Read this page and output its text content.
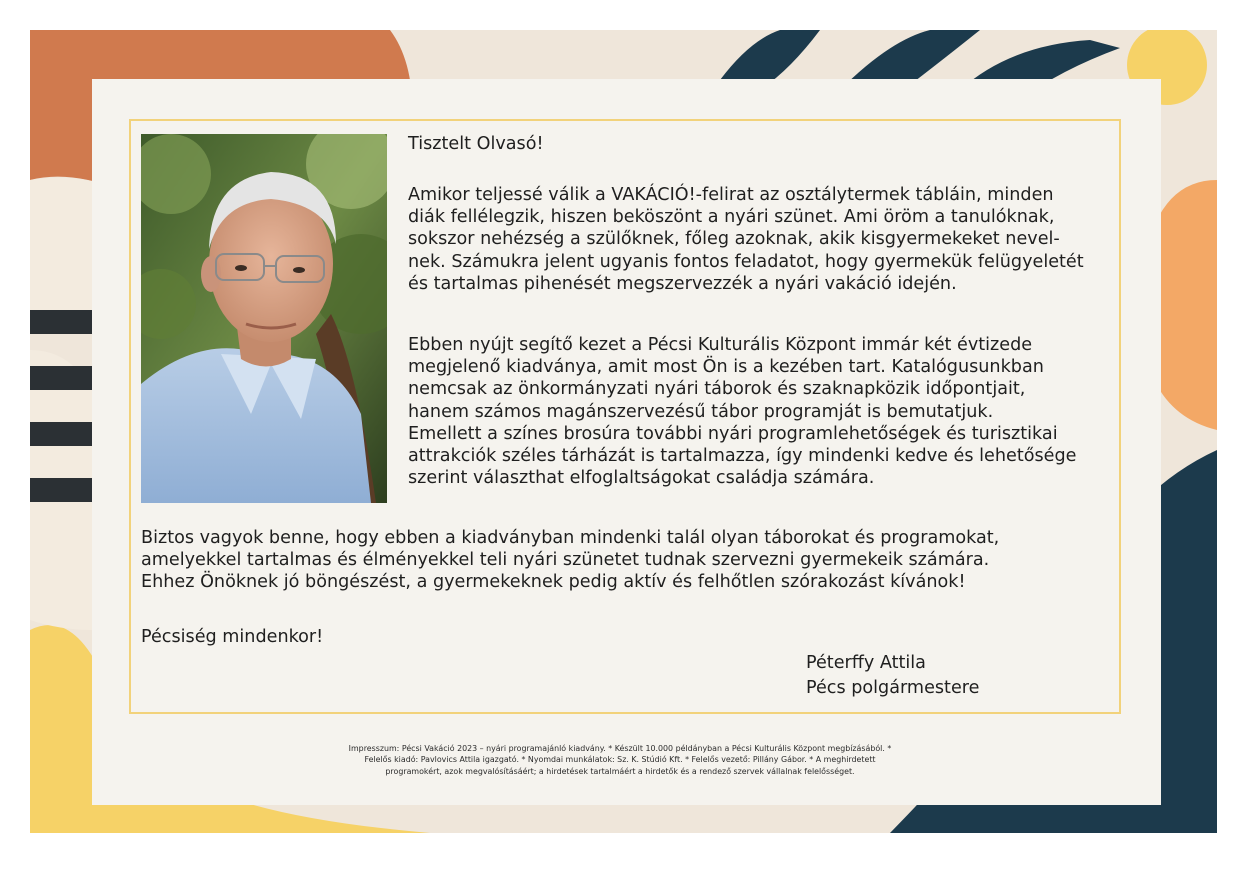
Tisztelt Olvasó!

Amikor teljessé válik a VAKÁCIÓ!-felirat az osztálytermek tábláin, minden
diák fellélegzik, hiszen beköszönt a nyári szünet. Ami öröm a tanulóknak,
sokszor nehézség a szülőknek, főleg azoknak, akik kisgyermekeket nevel-
nek. Számukra jelent ugyanis fontos feladatot, hogy gyermekük felügyeletét
és tartalmas pihenését megszervezzék a nyári vakáció idején.

Ebben nyújt segítő kezet a Pécsi Kulturális Központ immár két évtizede
megjelenő kiadványa, amit most Ön is a kezében tart. Katalógusunkban
nemcsak az önkormányzati nyári táborok és szaknapközik időpontjait,
hanem számos magánszervezésű tábor programját is bemutatjuk.
Emellett a színes brosúra további nyári programlehetőségek és turisztikai
attrakciók széles tárházát is tartalmazza, így mindenki kedve és lehetősége
szerint választhat elfoglaltságokat családja számára.

Biztos vagyok benne, hogy ebben a kiadványban mindenki talál olyan táborokat és programokat,
amelyekkel tartalmas és élményekkel teli nyári szünetet tudnak szervezni gyermekeik számára.
Ehhez Önöknek jó böngészést, a gyermekeknek pedig aktív és felhőtlen szórakozást kívánok!

Pécsiség mindenkor!

Péterffy Attila

Pécs polgármestere

Impresszum: Pécsi Vakáció 2023 – nyári programajánló kiadvány. * Készült 10.000 példányban a Pécsi Kulturális Központ megbízásából. *
Felelős kiadó: Pavlovics Attila igazgató. * Nyomdai munkálatok: Sz. K. Stúdió Kft. * Felelős vezető: Pillány Gábor. * A meghirdetett
programokért, azok megvalósításáért; a hirdetések tartalmáért a hirdetők és a rendező szervek vállalnak felelősséget.
